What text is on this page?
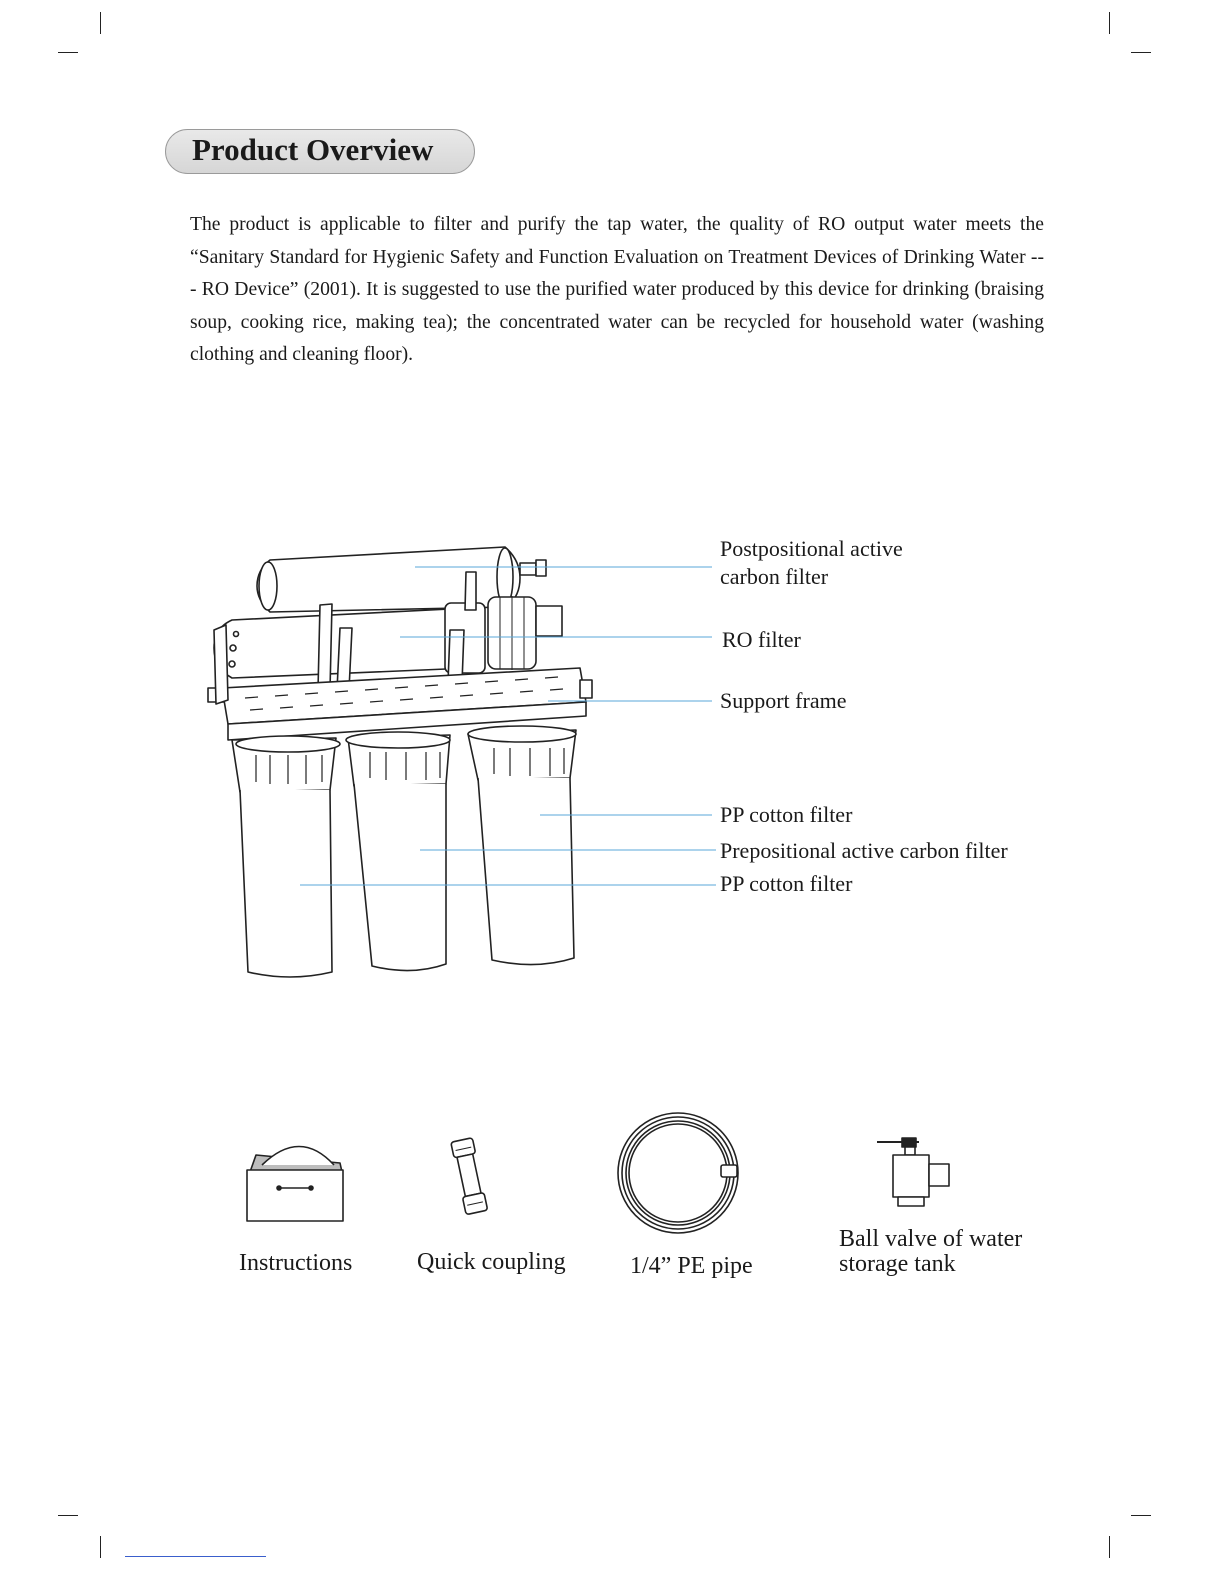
Product Overview

The product is applicable to filter and purify the tap water, the quality of RO output water meets the “Sanitary Standard for Hygienic Safety and Function Evaluation on Treatment Devices of Drinking Water --- RO Device” (2001). It is suggested to use the purified water produced by this device for drinking (braising soup, cooking rice, making tea); the concentrated water can be recycled for household water (washing clothing and cleaning floor).

Postpositional active
carbon filter
RO filter
Support frame
PP cotton filter
Prepositional active carbon filter
PP cotton filter
Instructions	Quick coupling	1/4” PE pipe
Ball valve of water
storage tank
